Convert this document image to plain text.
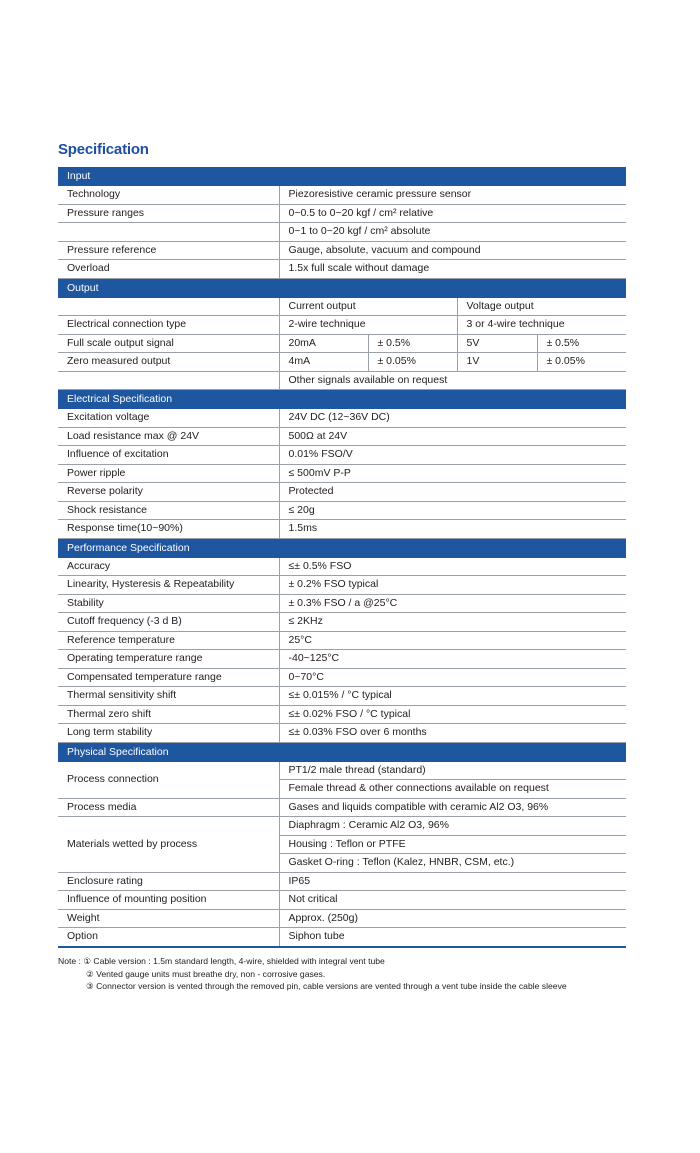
Specification
Input				
Technology	Piezoresistive ceramic pressure sensor			
Pressure ranges	0~0.5 to 0~20 kgf / cm² relative			
	0~1 to 0~20 kgf / cm² absolute			
Pressure reference	Gauge, absolute, vacuum and compound			
Overload	1.5x full scale without damage			
Output				
	Current output		Voltage output	
Electrical connection type	2-wire technique		3 or 4-wire technique	
Full scale output signal	20mA	± 0.5%	5V	± 0.5%
Zero measured output	4mA	± 0.05%	1V	± 0.05%
	Other signals available on request			
Electrical Specification				
Excitation voltage	24V DC (12~36V DC)			
Load resistance max @ 24V	500Ω at 24V			
Influence of excitation	0.01% FSO/V			
Power ripple	≤ 500mV P-P			
Reverse polarity	Protected			
Shock resistance	≤ 20g			
Response time(10~90%)	1.5ms			
Performance Specification				
Accuracy	≤± 0.5% FSO			
Linearity, Hysteresis & Repeatability	± 0.2% FSO typical			
Stability	± 0.3% FSO / a @25°C			
Cutoff frequency (-3 d B)	≤ 2KHz			
Reference temperature	25°C			
Operating temperature range	-40~125°C			
Compensated temperature range	0~70°C			
Thermal sensitivity shift	≤± 0.015% / °C typical			
Thermal zero shift	≤± 0.02% FSO / °C typical			
Long term stability	≤± 0.03% FSO over 6 months			
Physical Specification				
Process connection	PT1/2 male thread (standard)			
	Female thread & other connections available on request			
Process media	Gases and liquids compatible with ceramic Al2 O3, 96%			
Materials wetted by process	Diaphragm : Ceramic Al2 O3, 96%			
	Housing : Teflon or PTFE			
	Gasket O-ring : Teflon (Kalez, HNBR, CSM, etc.)			
Enclosure rating	IP65			
Influence of mounting position	Not critical			
Weight	Approx. (250g)			
Option	Siphon tube			
Note : ① Cable version : 1.5m standard length, 4-wire, shielded with integral vent tube
② Vented gauge units must breathe dry, non - corrosive gases.
③ Connector version is vented through the removed pin, cable versions are vented through a vent tube inside the cable sleeve
